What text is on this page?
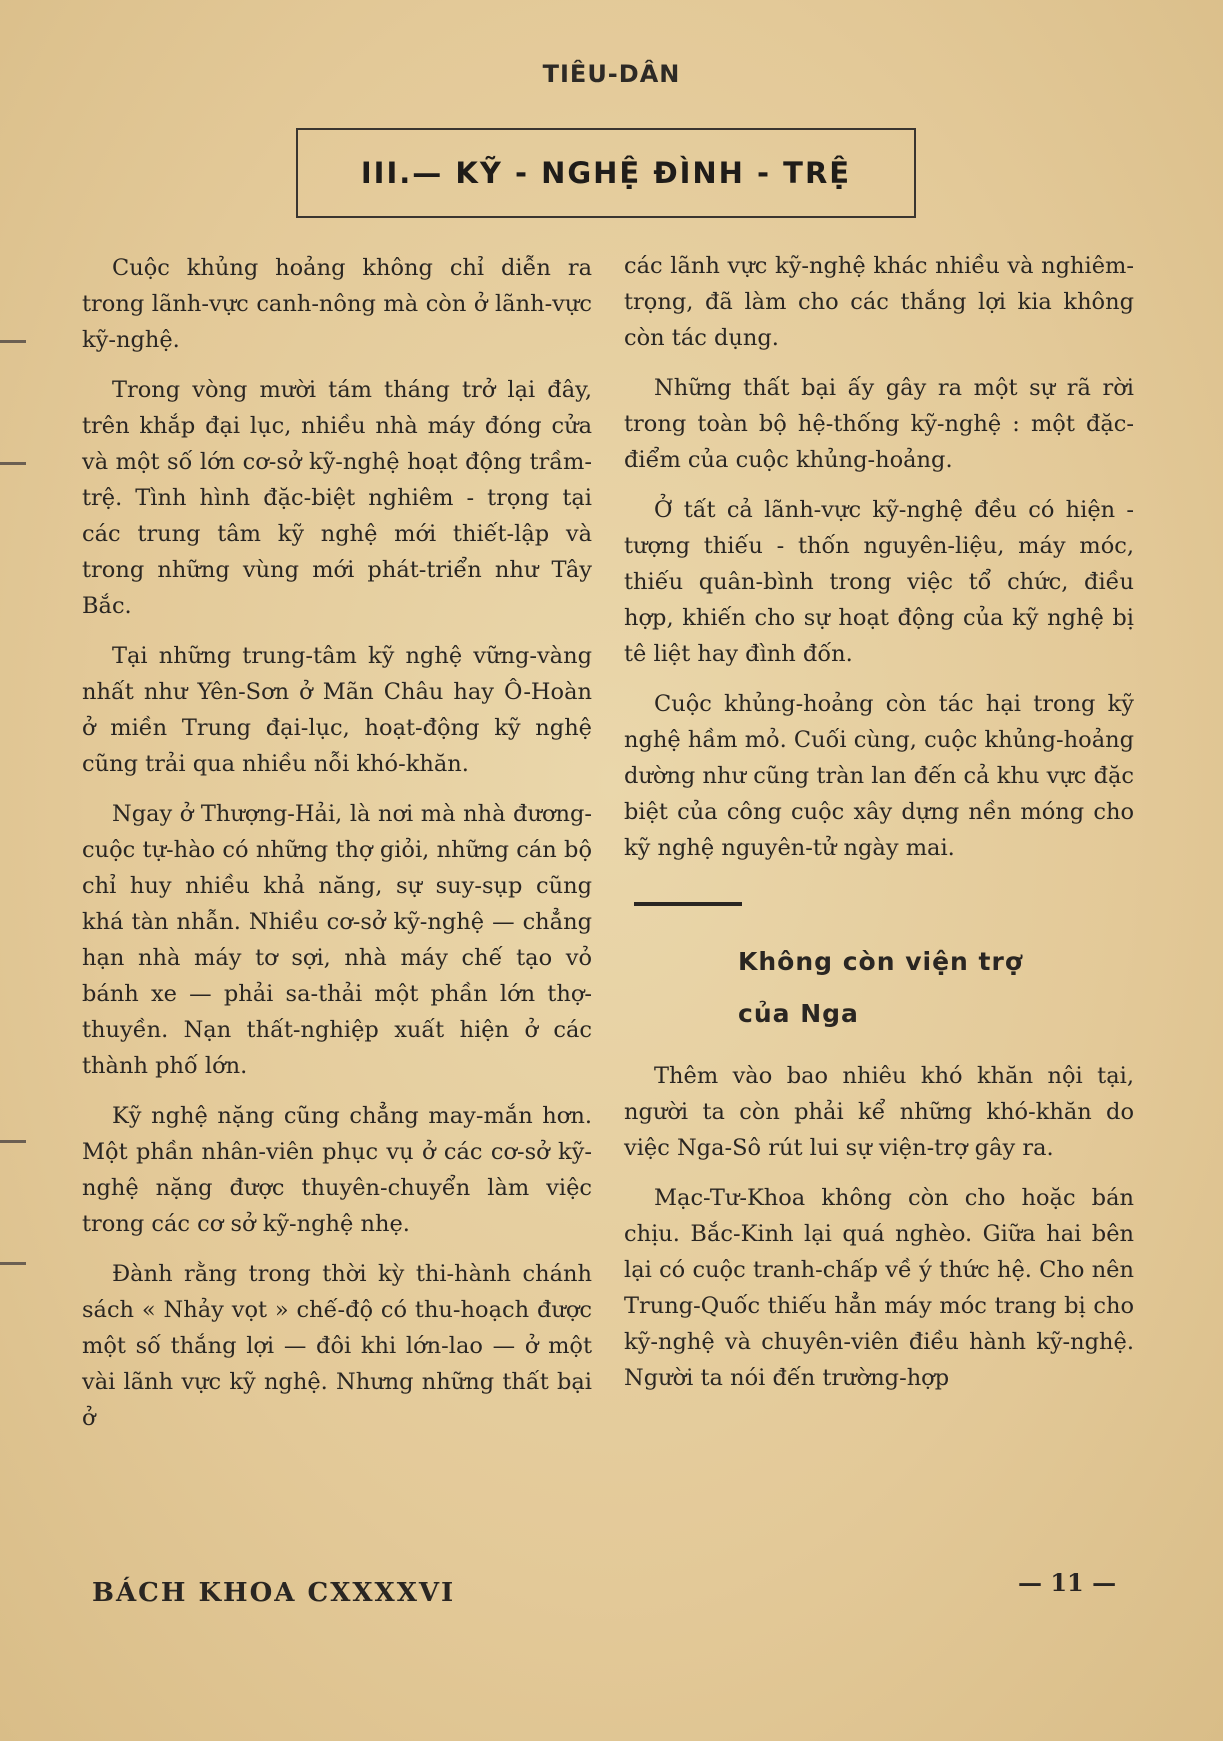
TIÊU-DÂN
III.— KỸ - NGHỆ ĐÌNH - TRỆ

Cuộc khủng hoảng không chỉ diễn ra trong lãnh-vực canh-nông mà còn ở lãnh-vực kỹ-nghệ.

Trong vòng mười tám tháng trở lại đây, trên khắp đại lục, nhiều nhà máy đóng cửa và một số lớn cơ-sở kỹ-nghệ hoạt động trầm-trệ. Tình hình đặc-biệt nghiêm - trọng tại các trung tâm kỹ nghệ mới thiết-lập và trong những vùng mới phát-triển như Tây Bắc.

Tại những trung-tâm kỹ nghệ vững-vàng nhất như Yên-Sơn ở Mãn Châu hay Ô-Hoàn ở miền Trung đại-lục, hoạt-động kỹ nghệ cũng trải qua nhiều nỗi khó-khăn.

Ngay ở Thượng-Hải, là nơi mà nhà đương-cuộc tự-hào có những thợ giỏi, những cán bộ chỉ huy nhiều khả năng, sự suy-sụp cũng khá tàn nhẫn. Nhiều cơ-sở kỹ-nghệ — chẳng hạn nhà máy tơ sợi, nhà máy chế tạo vỏ bánh xe — phải sa-thải một phần lớn thợ-thuyền. Nạn thất-nghiệp xuất hiện ở các thành phố lớn.

Kỹ nghệ nặng cũng chẳng may-mắn hơn. Một phần nhân-viên phục vụ ở các cơ-sở kỹ-nghệ nặng được thuyên-chuyển làm việc trong các cơ sở kỹ-nghệ nhẹ.

Đành rằng trong thời kỳ thi-hành chánh sách « Nhảy vọt » chế-độ có thu-hoạch được một số thắng lợi — đôi khi lớn-lao — ở một vài lãnh vực kỹ nghệ. Nhưng những thất bại ở

các lãnh vực kỹ-nghệ khác nhiều và nghiêm-trọng, đã làm cho các thắng lợi kia không còn tác dụng.

Những thất bại ấy gây ra một sự rã rời trong toàn bộ hệ-thống kỹ-nghệ : một đặc-điểm của cuộc khủng-hoảng.

Ở tất cả lãnh-vực kỹ-nghệ đều có hiện - tượng thiếu - thốn nguyên-liệu, máy móc, thiếu quân-bình trong việc tổ chức, điều hợp, khiến cho sự hoạt động của kỹ nghệ bị tê liệt hay đình đốn.

Cuộc khủng-hoảng còn tác hại trong kỹ nghệ hầm mỏ. Cuối cùng, cuộc khủng-hoảng dường như cũng tràn lan đến cả khu vực đặc biệt của công cuộc xây dựng nền móng cho kỹ nghệ nguyên-tử ngày mai.

Không còn viện trợ
của Nga

Thêm vào bao nhiêu khó khăn nội tại, người ta còn phải kể những khó-khăn do việc Nga-Sô rút lui sự viện-trợ gây ra.

Mạc-Tư-Khoa không còn cho hoặc bán chịu. Bắc-Kinh lại quá nghèo. Giữa hai bên lại có cuộc tranh-chấp về ý thức hệ. Cho nên Trung-Quốc thiếu hẳn máy móc trang bị cho kỹ-nghệ và chuyên-viên điều hành kỹ-nghệ. Người ta nói đến trường-hợp

BÁCH KHOA CXXXXVI	— 11 —
